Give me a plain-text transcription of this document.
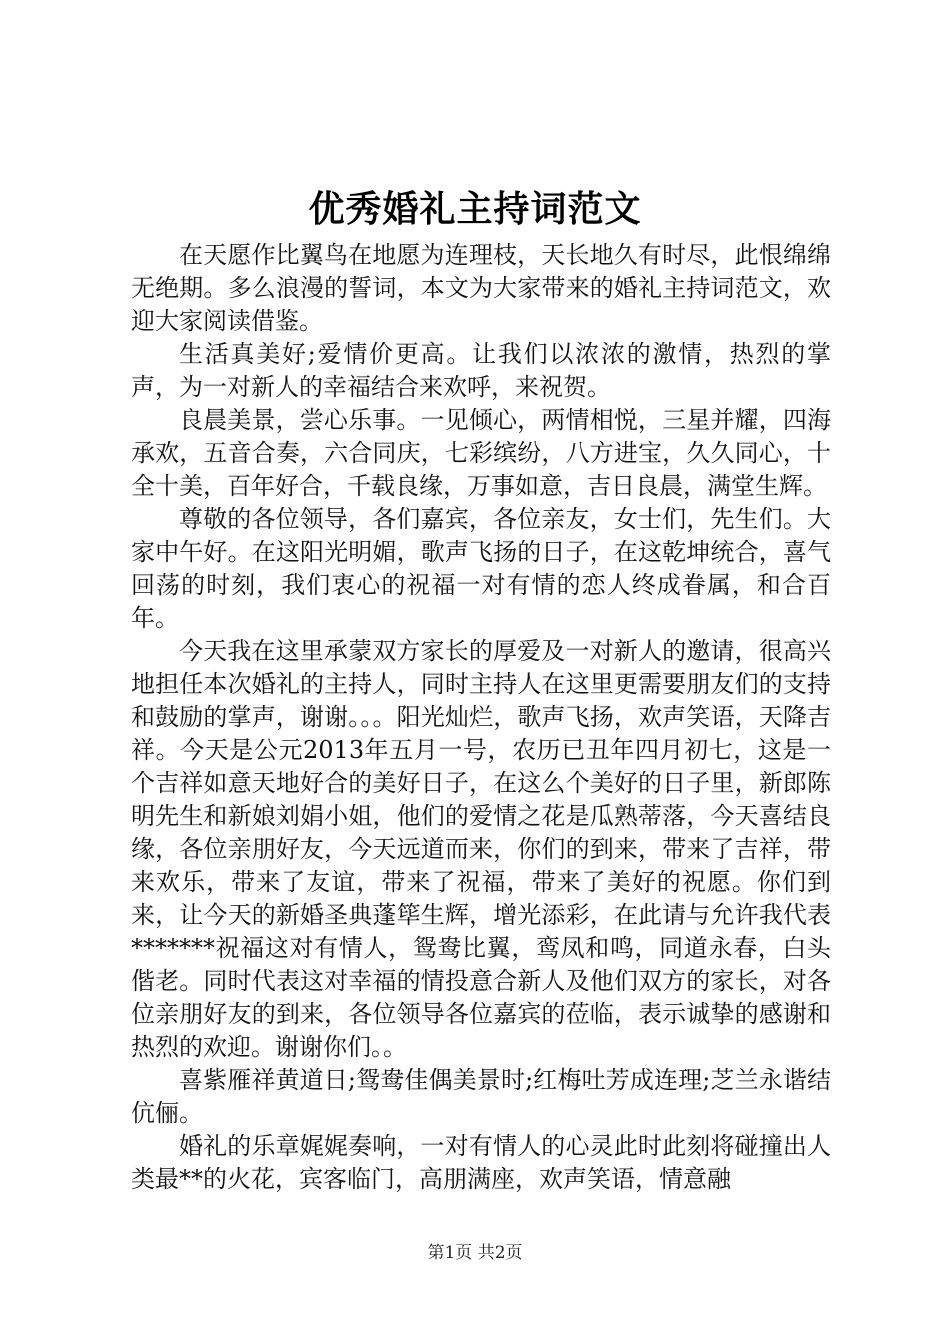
优秀婚礼主持词范文

在天愿作比翼鸟在地愿为连理枝，天长地久有时尽，此恨绵绵无绝期。多么浪漫的誓词，本文为大家带来的婚礼主持词范文，欢迎大家阅读借鉴。

生活真美好;爱情价更高。让我们以浓浓的激情，热烈的掌声，为一对新人的幸福结合来欢呼，来祝贺。

良晨美景，尝心乐事。一见倾心，两情相悦，三星并耀，四海承欢，五音合奏，六合同庆，七彩缤纷，八方进宝，久久同心，十全十美，百年好合，千载良缘，万事如意，吉日良晨，满堂生辉。

尊敬的各位领导，各们嘉宾，各位亲友，女士们，先生们。大家中午好。在这阳光明媚，歌声飞扬的日子，在这乾坤统合，喜气回荡的时刻，我们衷心的祝福一对有情的恋人终成眷属，和合百年。

今天我在这里承蒙双方家长的厚爱及一对新人的邀请，很高兴地担任本次婚礼的主持人，同时主持人在这里更需要朋友们的支持和鼓励的掌声，谢谢。。。阳光灿烂，歌声飞扬，欢声笑语，天降吉祥。今天是公元2013年五月一号，农历已丑年四月初七，这是一个吉祥如意天地好合的美好日子，在这么个美好的日子里，新郎陈明先生和新娘刘娟小姐，他们的爱情之花是瓜熟蒂落，今天喜结良缘，各位亲朋好友，今天远道而来，你们的到来，带来了吉祥，带来欢乐，带来了友谊，带来了祝福，带来了美好的祝愿。你们到来，让今天的新婚圣典蓬筚生辉，增光添彩，在此请与允许我代表*******祝福这对有情人，鸳鸯比翼，鸾凤和鸣，同道永春，白头偕老。同时代表这对幸福的情投意合新人及他们双方的家长，对各位亲朋好友的到来，各位领导各位嘉宾的莅临，表示诚挚的感谢和热烈的欢迎。谢谢你们。。

喜紫雁祥黄道日;鸳鸯佳偶美景时;红梅吐芳成连理;芝兰永谐结伉俪。

婚礼的乐章娓娓奏响，一对有情人的心灵此时此刻将碰撞出人类最**的火花，宾客临门，高朋满座，欢声笑语，情意融

第1页 共2页
